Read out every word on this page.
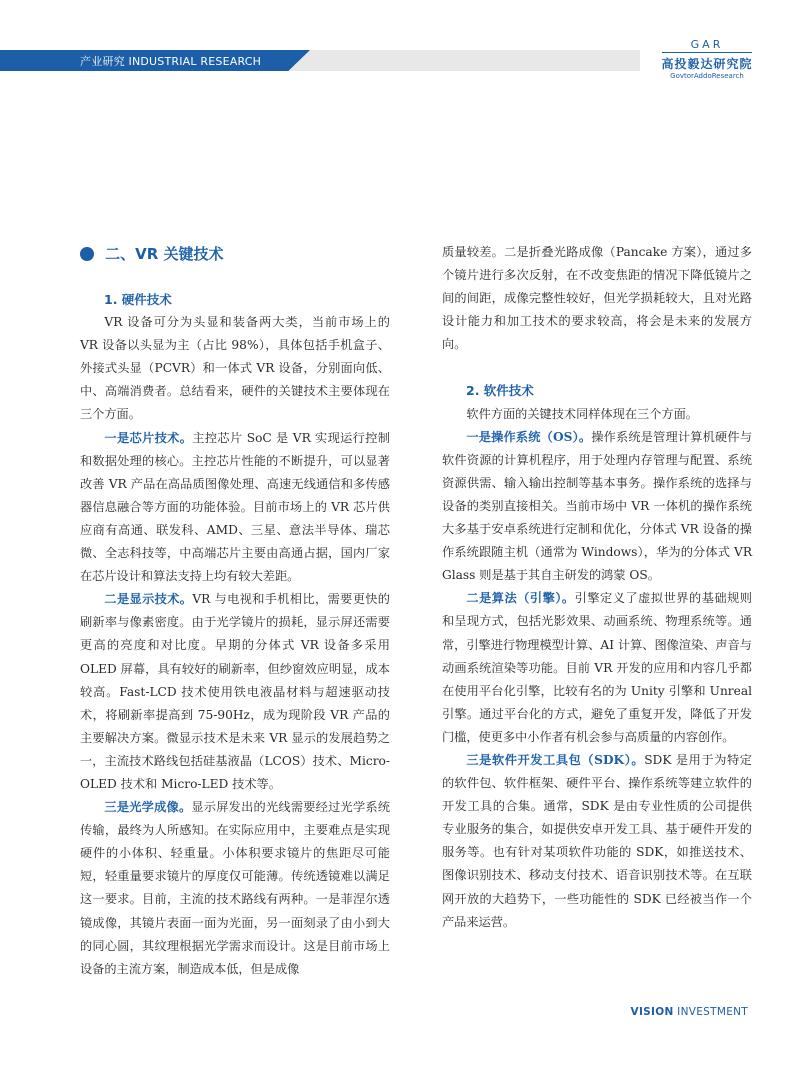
产业研究 INDUSTRIAL RESEARCH
GAR
高投毅达研究院
GovtorAddoResearch
二、VR 关键技术
1. 硬件技术
VR 设备可分为头显和装备两大类，当前市场上的 VR 设备以头显为主（占比 98%），具体包括手机盒子、外接式头显（PCVR）和一体式 VR 设备，分别面向低、中、高端消费者。总结看来，硬件的关键技术主要体现在三个方面。
一是芯片技术。主控芯片 SoC 是 VR 实现运行控制和数据处理的核心。主控芯片性能的不断提升，可以显著改善 VR 产品在高品质图像处理、高速无线通信和多传感器信息融合等方面的功能体验。目前市场上的 VR 芯片供应商有高通、联发科、AMD、三星、意法半导体、瑞芯微、全志科技等，中高端芯片主要由高通占据，国内厂家在芯片设计和算法支持上均有较大差距。
二是显示技术。VR 与电视和手机相比，需要更快的刷新率与像素密度。由于光学镜片的损耗，显示屏还需要更高的亮度和对比度。早期的分体式 VR 设备多采用 OLED 屏幕，具有较好的刷新率，但纱窗效应明显，成本较高。Fast-LCD 技术使用铁电液晶材料与超速驱动技术，将刷新率提高到 75-90Hz，成为现阶段 VR 产品的主要解决方案。微显示技术是未来 VR 显示的发展趋势之一，主流技术路线包括硅基液晶（LCOS）技术、Micro-OLED 技术和 Micro-LED 技术等。
三是光学成像。显示屏发出的光线需要经过光学系统传输，最终为人所感知。在实际应用中，主要难点是实现硬件的小体积、轻重量。小体积要求镜片的焦距尽可能短，轻重量要求镜片的厚度仅可能薄。传统透镜难以满足这一要求。目前，主流的技术路线有两种。一是菲涅尔透镜成像，其镜片表面一面为光面，另一面刻录了由小到大的同心圆，其纹理根据光学需求而设计。这是目前市场上设备的主流方案，制造成本低，但是成像
质量较差。二是折叠光路成像（Pancake 方案），通过多个镜片进行多次反射，在不改变焦距的情况下降低镜片之间的间距，成像完整性较好，但光学损耗较大，且对光路设计能力和加工技术的要求较高，将会是未来的发展方向。
2. 软件技术
软件方面的关键技术同样体现在三个方面。
一是操作系统（OS）。操作系统是管理计算机硬件与软件资源的计算机程序，用于处理内存管理与配置、系统资源供需、输入输出控制等基本事务。操作系统的选择与设备的类别直接相关。当前市场中 VR 一体机的操作系统大多基于安卓系统进行定制和优化，分体式 VR 设备的操作系统跟随主机（通常为 Windows），华为的分体式 VR Glass 则是基于其自主研发的鸿蒙 OS。
二是算法（引擎）。引擎定义了虚拟世界的基础规则和呈现方式，包括光影效果、动画系统、物理系统等。通常，引擎进行物理模型计算、AI 计算、图像渲染、声音与动画系统渲染等功能。目前 VR 开发的应用和内容几乎都在使用平台化引擎，比较有名的为 Unity 引擎和 Unreal 引擎。通过平台化的方式，避免了重复开发，降低了开发门槛，使更多中小作者有机会参与高质量的内容创作。
三是软件开发工具包（SDK）。SDK 是用于为特定的软件包、软件框架、硬件平台、操作系统等建立软件的开发工具的合集。通常，SDK 是由专业性质的公司提供专业服务的集合，如提供安卓开发工具、基于硬件开发的服务等。也有针对某项软件功能的 SDK，如推送技术、图像识别技术、移动支付技术、语音识别技术等。在互联网开放的大趋势下，一些功能性的 SDK 已经被当作一个产品来运营。
VISION INVESTMENT
